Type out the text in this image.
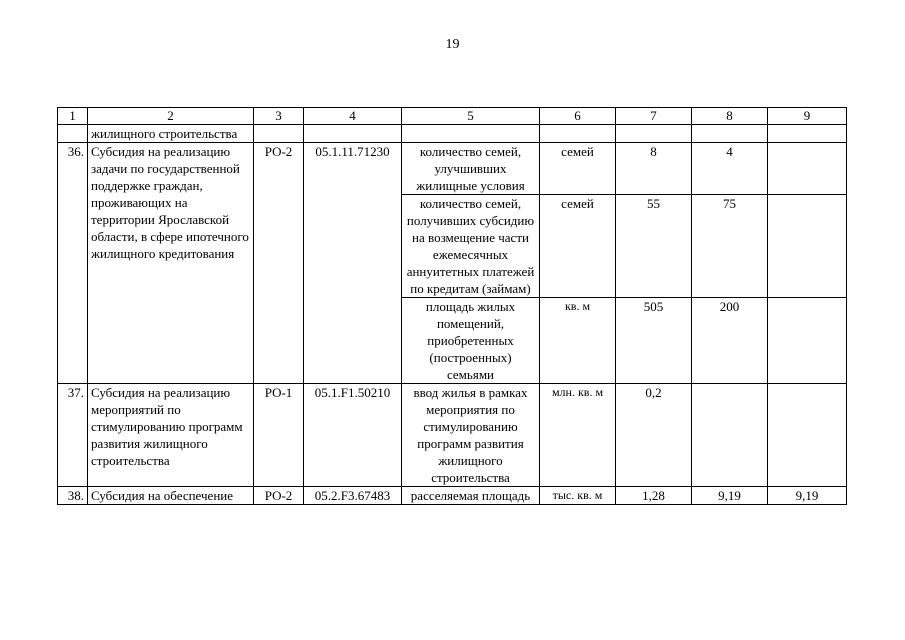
19
1	2	3	4	5	6	7	8	9
	жилищного строительства							
36.	Субсидия на реализацию задачи по государственной поддержке граждан, проживающих на территории Ярославской области, в сфере ипотечного жилищного кредитования	РО-2	05.1.11.71230	количество семей, улучшивших жилищные условия	семей	8	4	
				количество семей, получивших субсидию на возмещение части ежемесячных аннуитетных платежей по кредитам (займам)	семей	55	75	
				площадь жилых помещений, приобретенных (построенных) семьями	кв. м	505	200	
37.	Субсидия на реализацию мероприятий по стимулированию программ развития жилищного строительства	РО-1	05.1.F1.50210	ввод жилья в рамках мероприятия по стимулированию программ развития жилищного строительства	млн. кв. м	0,2		
38.	Субсидия на обеспечение	РО-2	05.2.F3.67483	расселяемая площадь	тыс. кв. м	1,28	9,19	9,19
